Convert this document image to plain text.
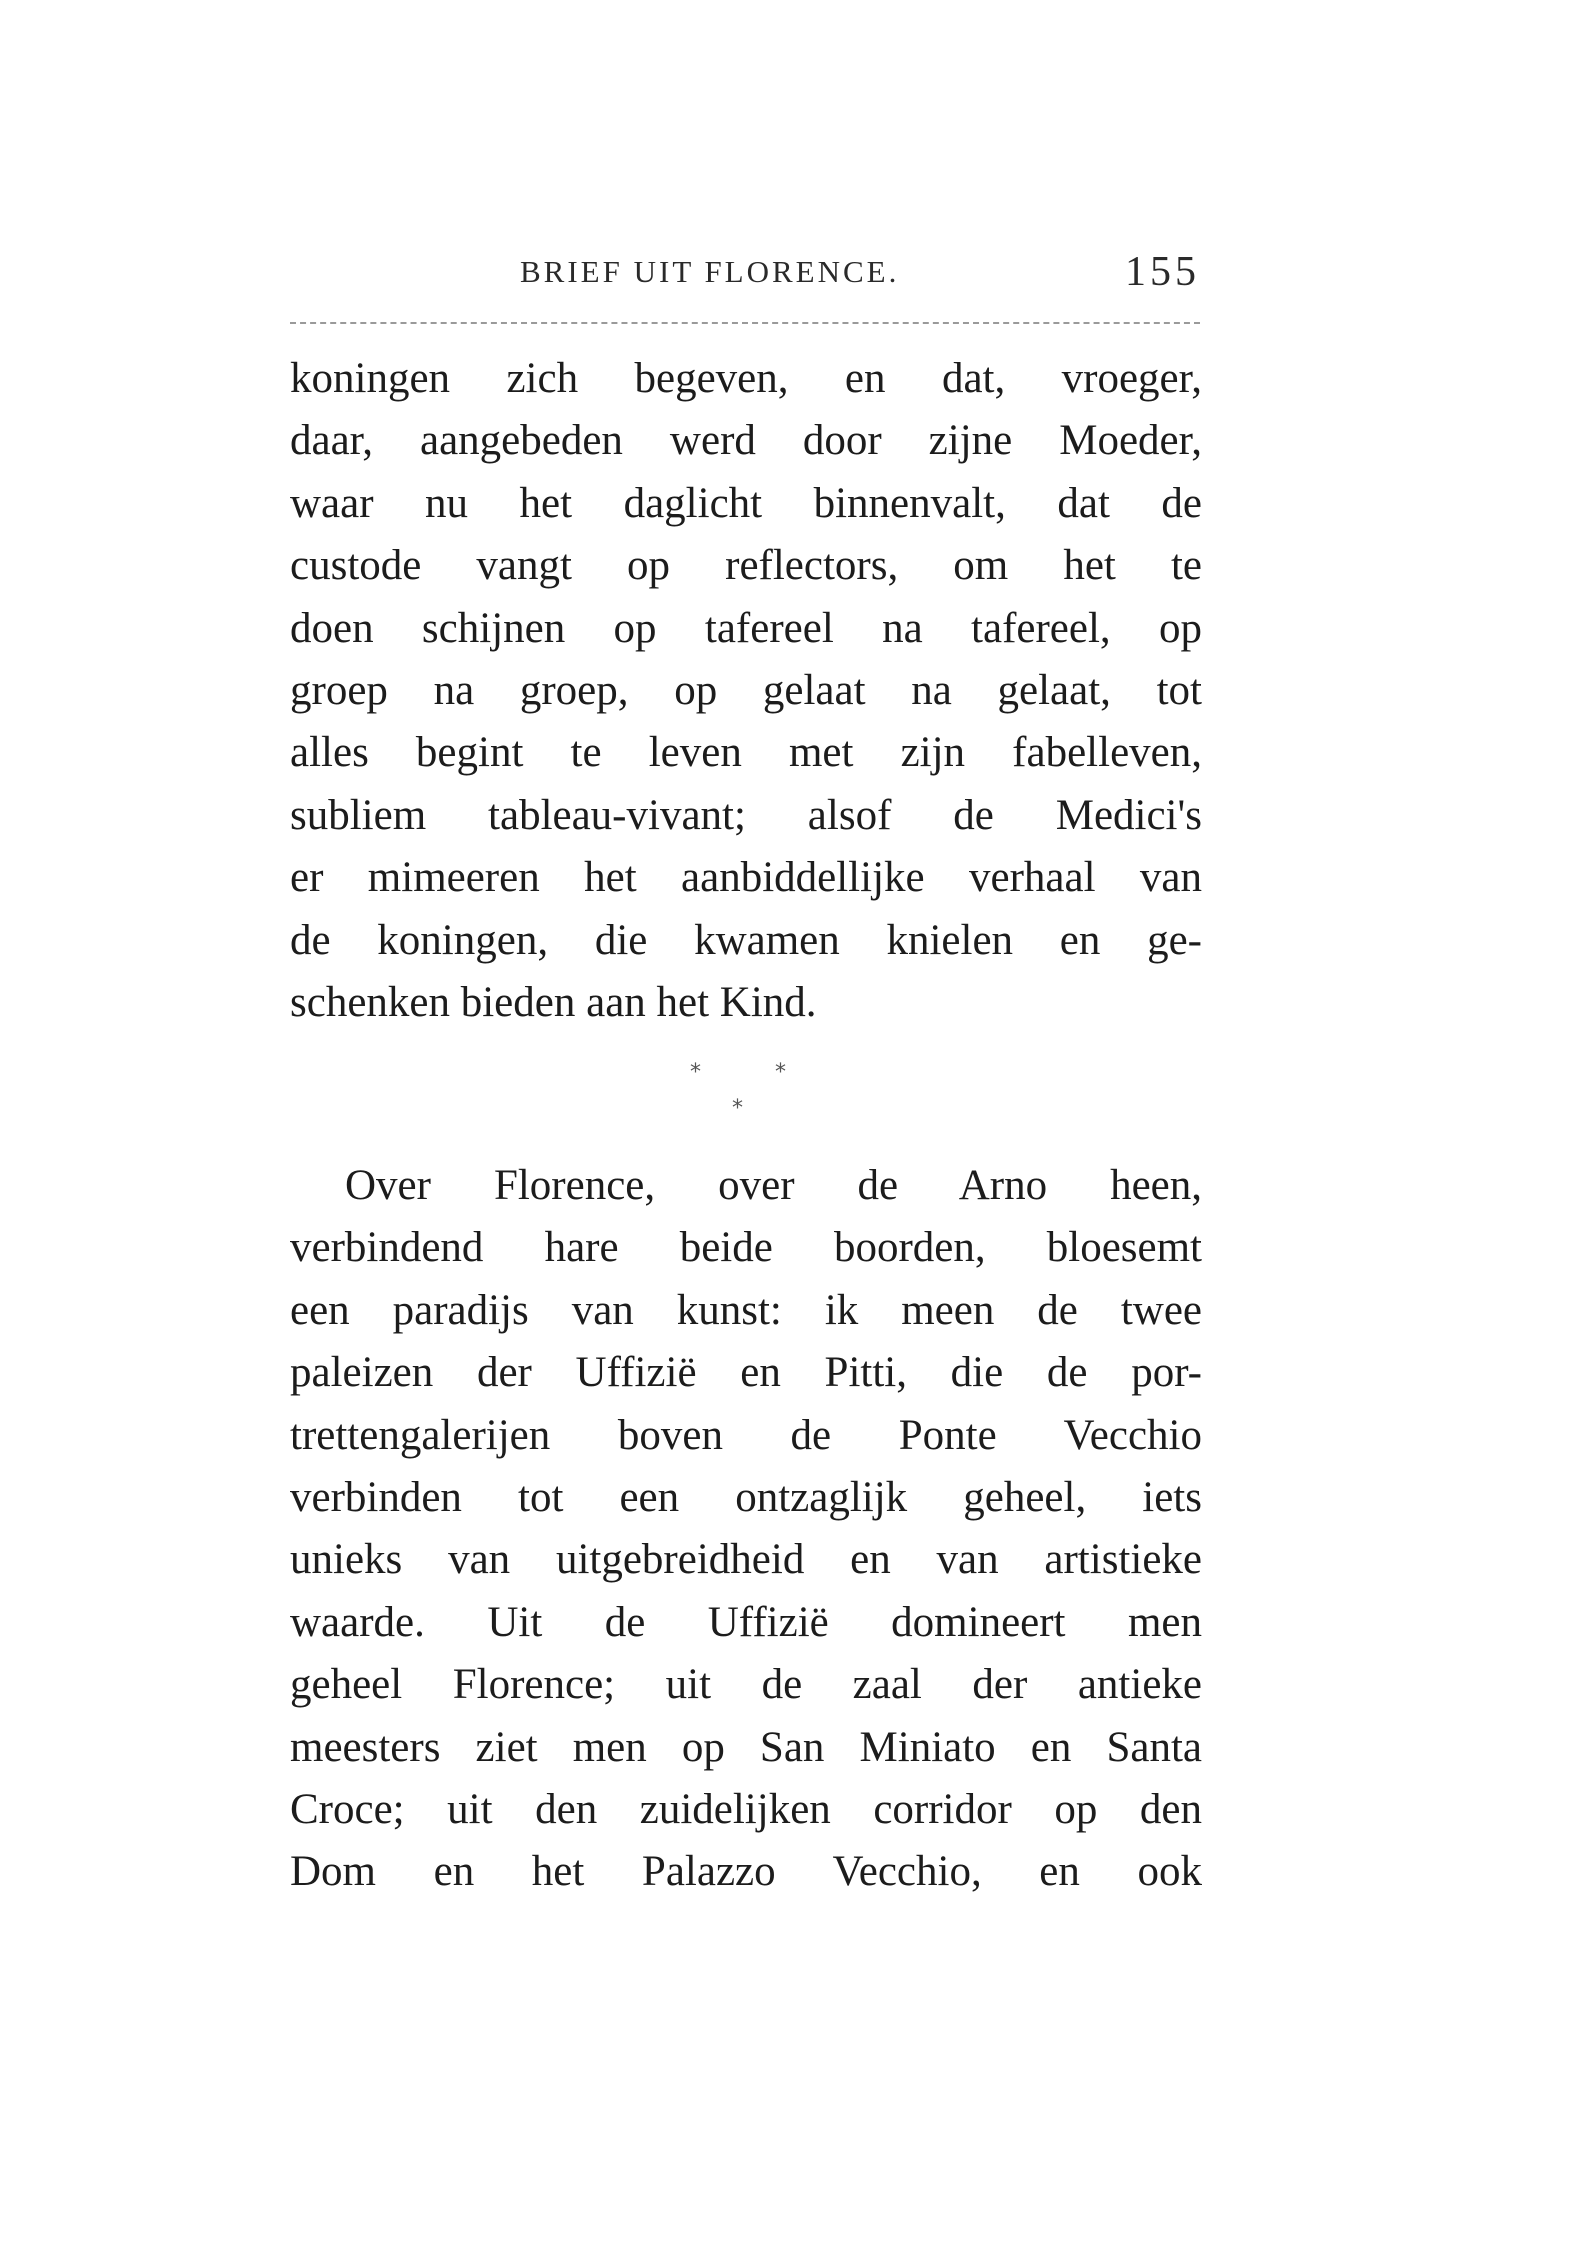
BRIEF UIT FLORENCE.	155
koningen zich begeven, en dat, vroeger,
daar, aangebeden werd door zijne Moeder,
waar nu het daglicht binnenvalt, dat de
custode vangt op reflectors, om het te
doen schijnen op tafereel na tafereel, op
groep na groep, op gelaat na gelaat, tot
alles begint te leven met zijn fabelleven,
subliem tableau-vivant; alsof de Medici's
er mimeeren het aanbiddellijke verhaal van
de koningen, die kwamen knielen en ge-
schenken bieden aan het Kind.
*	*
*
Over Florence, over de Arno heen,
verbindend hare beide boorden, bloesemt
een paradijs van kunst: ik meen de twee
paleizen der Uffizië en Pitti, die de por-
trettengalerijen boven de Ponte Vecchio
verbinden tot een ontzaglijk geheel, iets
unieks van uitgebreidheid en van artistieke
waarde. Uit de Uffizië domineert men
geheel Florence; uit de zaal der antieke
meesters ziet men op San Miniato en Santa
Croce; uit den zuidelijken corridor op den
Dom en het Palazzo Vecchio, en ook
